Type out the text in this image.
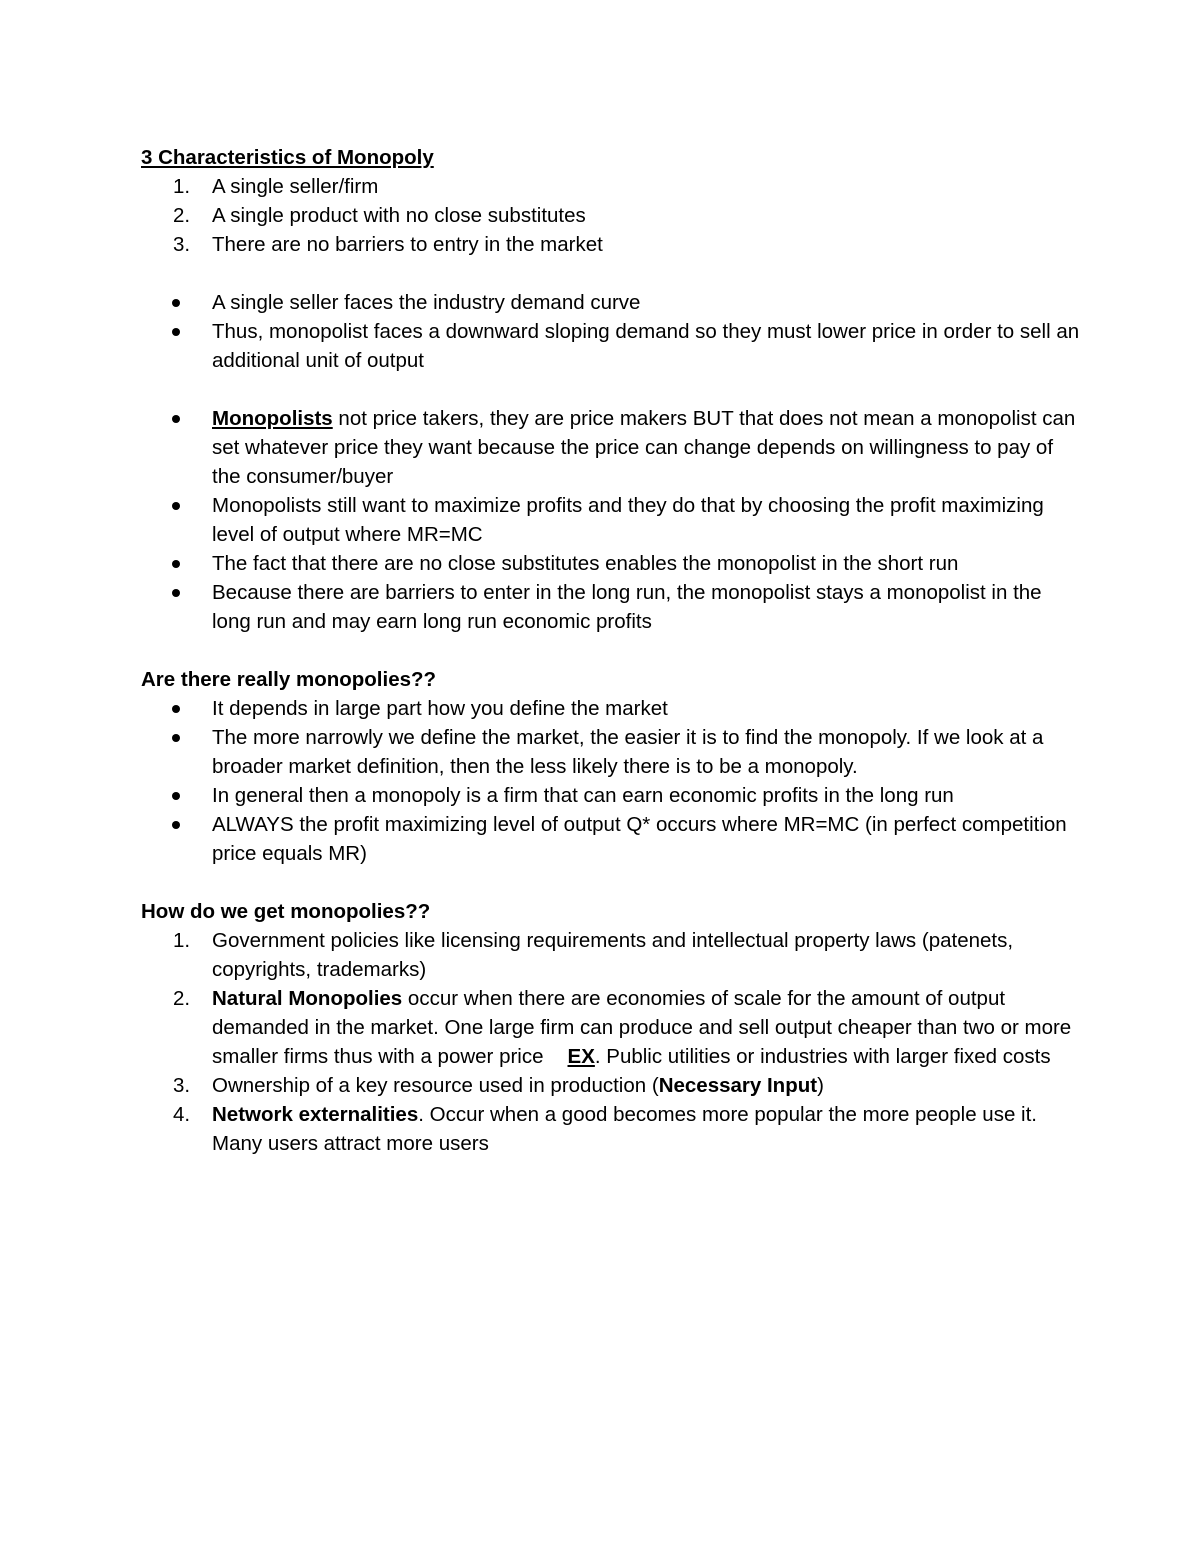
3 Characteristics of Monopoly

1.	A single seller/firm
2.	A single product with no close substitutes
3.	There are no barriers to entry in the market
A single seller faces the industry demand curve
Thus, monopolist faces a downward sloping demand so they must lower price in order to sell an additional unit of output
Monopolists not price takers, they are price makers BUT that does not mean a monopolist can set whatever price they want because the price can change depends on willingness to pay of the consumer/buyer
Monopolists still want to maximize profits and they do that by choosing the profit maximizing level of output where MR=MC
The fact that there are no close substitutes enables the monopolist in the short run
Because there are barriers to enter in the long run, the monopolist stays a monopolist in the long run and may earn long run economic profits

Are there really monopolies??

It depends in large part how you define the market
The more narrowly we define the market, the easier it is to find the monopoly. If we look at a broader market definition, then the less likely there is to be a monopoly.
In general then a monopoly is a firm that can earn economic profits in the long run
ALWAYS the profit maximizing level of output Q* occurs where MR=MC (in perfect competition price equals MR)

How do we get monopolies??

1.	Government policies like licensing requirements and intellectual property laws (patenets, copyrights, trademarks)
2.	Natural Monopolies occur when there are economies of scale for the amount of output demanded in the market. One large firm can produce and sell output cheaper than two or more smaller firms thus with a power price EX. Public utilities or industries with larger fixed costs
3.	Ownership of a key resource used in production (Necessary Input)
4.	Network externalities. Occur when a good becomes more popular the more people use it. Many users attract more users
